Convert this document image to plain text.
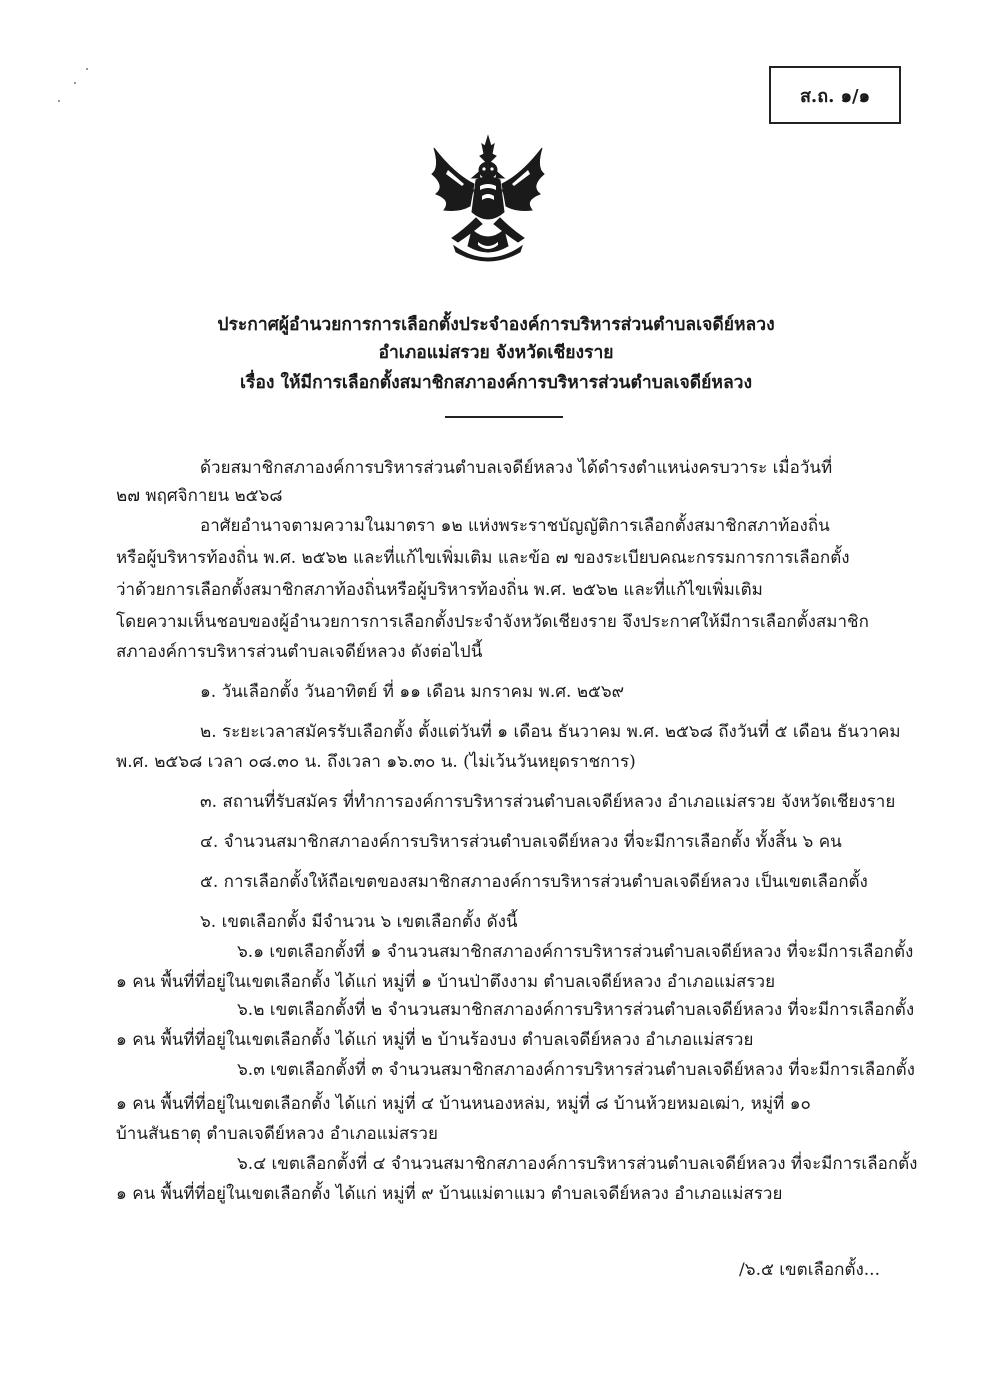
ส.ถ. ๑/๑
ประกาศผู้อำนวยการการเลือกตั้งประจำองค์การบริหารส่วนตำบลเจดีย์หลวง
อำเภอแม่สรวย จังหวัดเชียงราย
เรื่อง ให้มีการเลือกตั้งสมาชิกสภาองค์การบริหารส่วนตำบลเจดีย์หลวง
ด้วยสมาชิกสภาองค์การบริหารส่วนตำบลเจดีย์หลวง ได้ดำรงตำแหน่งครบวาระ เมื่อวันที่
๒๗ พฤศจิกายน ๒๕๖๘
อาศัยอำนาจตามความในมาตรา ๑๒ แห่งพระราชบัญญัติการเลือกตั้งสมาชิกสภาท้องถิ่น
หรือผู้บริหารท้องถิ่น พ.ศ. ๒๕๖๒ และที่แก้ไขเพิ่มเติม และข้อ ๗ ของระเบียบคณะกรรมการการเลือกตั้ง
ว่าด้วยการเลือกตั้งสมาชิกสภาท้องถิ่นหรือผู้บริหารท้องถิ่น พ.ศ. ๒๕๖๒ และที่แก้ไขเพิ่มเติม
โดยความเห็นชอบของผู้อำนวยการการเลือกตั้งประจำจังหวัดเชียงราย จึงประกาศให้มีการเลือกตั้งสมาชิก
สภาองค์การบริหารส่วนตำบลเจดีย์หลวง ดังต่อไปนี้
๑. วันเลือกตั้ง วันอาทิตย์ ที่ ๑๑ เดือน มกราคม พ.ศ. ๒๕๖๙
๒. ระยะเวลาสมัครรับเลือกตั้ง ตั้งแต่วันที่ ๑ เดือน ธันวาคม พ.ศ. ๒๕๖๘ ถึงวันที่ ๕ เดือน ธันวาคม
พ.ศ. ๒๕๖๘ เวลา ๐๘.๓๐ น. ถึงเวลา ๑๖.๓๐ น. (ไม่เว้นวันหยุดราชการ)
๓. สถานที่รับสมัคร ที่ทำการองค์การบริหารส่วนตำบลเจดีย์หลวง อำเภอแม่สรวย จังหวัดเชียงราย
๔. จำนวนสมาชิกสภาองค์การบริหารส่วนตำบลเจดีย์หลวง ที่จะมีการเลือกตั้ง ทั้งสิ้น ๖ คน
๕. การเลือกตั้งให้ถือเขตของสมาชิกสภาองค์การบริหารส่วนตำบลเจดีย์หลวง เป็นเขตเลือกตั้ง
๖. เขตเลือกตั้ง มีจำนวน ๖ เขตเลือกตั้ง ดังนี้
๖.๑ เขตเลือกตั้งที่ ๑ จำนวนสมาชิกสภาองค์การบริหารส่วนตำบลเจดีย์หลวง ที่จะมีการเลือกตั้ง
๑ คน พื้นที่ที่อยู่ในเขตเลือกตั้ง ได้แก่ หมู่ที่ ๑ บ้านป่าตึงงาม ตำบลเจดีย์หลวง อำเภอแม่สรวย
๖.๒ เขตเลือกตั้งที่ ๒ จำนวนสมาชิกสภาองค์การบริหารส่วนตำบลเจดีย์หลวง ที่จะมีการเลือกตั้ง
๑ คน พื้นที่ที่อยู่ในเขตเลือกตั้ง ได้แก่ หมู่ที่ ๒ บ้านร้องบง ตำบลเจดีย์หลวง อำเภอแม่สรวย
๖.๓ เขตเลือกตั้งที่ ๓ จำนวนสมาชิกสภาองค์การบริหารส่วนตำบลเจดีย์หลวง ที่จะมีการเลือกตั้ง
๑ คน พื้นที่ที่อยู่ในเขตเลือกตั้ง ได้แก่ หมู่ที่ ๔ บ้านหนองหล่ม, หมู่ที่ ๘ บ้านห้วยหมอเฒ่า, หมู่ที่ ๑๐
บ้านสันธาตุ ตำบลเจดีย์หลวง อำเภอแม่สรวย
๖.๔ เขตเลือกตั้งที่ ๔ จำนวนสมาชิกสภาองค์การบริหารส่วนตำบลเจดีย์หลวง ที่จะมีการเลือกตั้ง
๑ คน พื้นที่ที่อยู่ในเขตเลือกตั้ง ได้แก่ หมู่ที่ ๙ บ้านแม่ตาแมว ตำบลเจดีย์หลวง อำเภอแม่สรวย
/๖.๕ เขตเลือกตั้ง...
